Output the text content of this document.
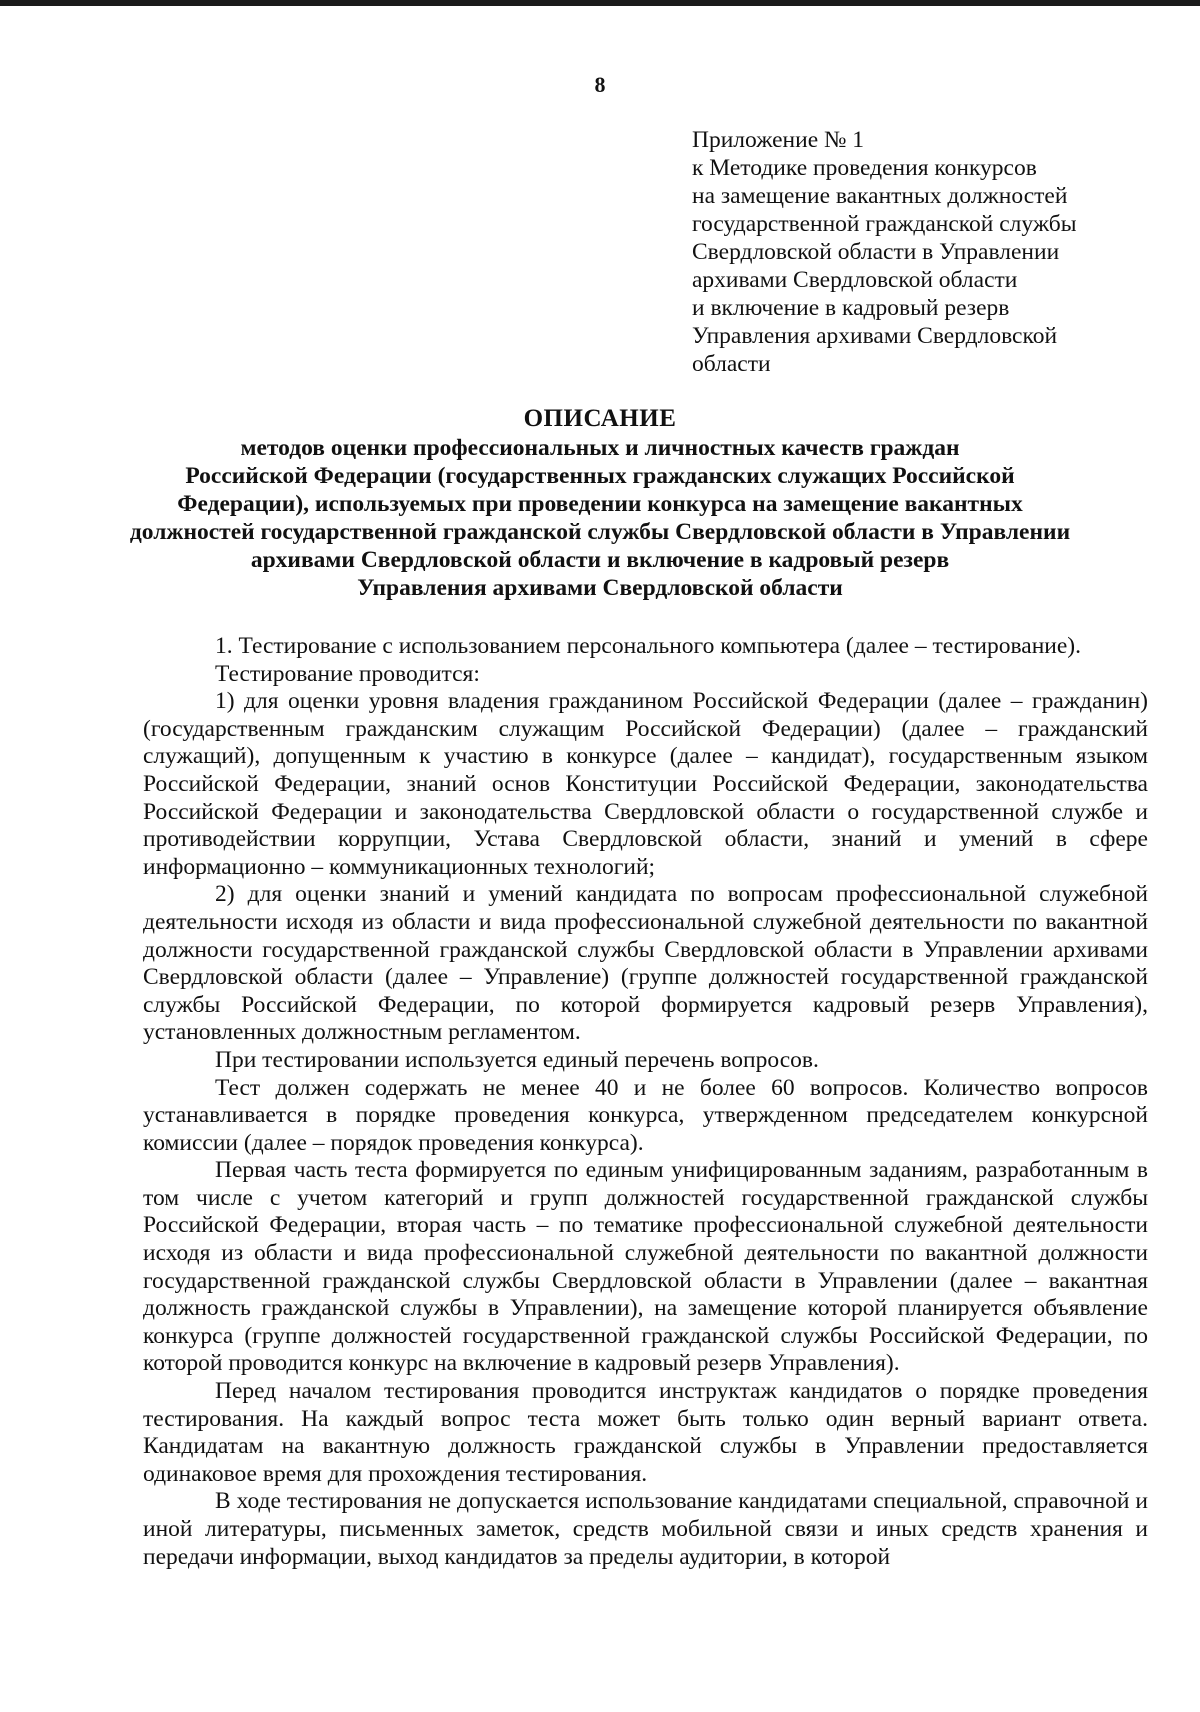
8
Приложение № 1
к Методике проведения конкурсов
на замещение вакантных должностей
государственной гражданской службы
Свердловской области в Управлении
архивами Свердловской области
и включение в кадровый резерв
Управления архивами Свердловской
области
ОПИСАНИЕ
методов оценки профессиональных и личностных качеств граждан
Российской Федерации (государственных гражданских служащих Российской
Федерации), используемых при проведении конкурса на замещение вакантных
должностей государственной гражданской службы Свердловской области в Управлении
архивами Свердловской области и включение в кадровый резерв
Управления архивами Свердловской области

1. Тестирование с использованием персонального компьютера (далее – тестирование).

Тестирование проводится:

1) для оценки уровня владения гражданином Российской Федерации (далее – гражданин) (государственным гражданским служащим Российской Федерации) (далее – гражданский служащий), допущенным к участию в конкурсе (далее – кандидат), государственным языком Российской Федерации, знаний основ Конституции Российской Федерации, законодательства Российской Федерации и законодательства Свердловской области о государственной службе и противодействии коррупции, Устава Свердловской области, знаний и умений в сфере информационно – коммуникационных технологий;

2) для оценки знаний и умений кандидата по вопросам профессиональной служебной деятельности исходя из области и вида профессиональной служебной деятельности по вакантной должности государственной гражданской службы Свердловской области в Управлении архивами Свердловской области (далее – Управление) (группе должностей государственной гражданской службы Российской Федерации, по которой формируется кадровый резерв Управления), установленных должностным регламентом.

При тестировании используется единый перечень вопросов.

Тест должен содержать не менее 40 и не более 60 вопросов. Количество вопросов устанавливается в порядке проведения конкурса, утвержденном председателем конкурсной комиссии (далее – порядок проведения конкурса).

Первая часть теста формируется по единым унифицированным заданиям, разработанным в том числе с учетом категорий и групп должностей государственной гражданской службы Российской Федерации, вторая часть – по тематике профессиональной служебной деятельности исходя из области и вида профессиональной служебной деятельности по вакантной должности государственной гражданской службы Свердловской области в Управлении (далее – вакантная должность гражданской службы в Управлении), на замещение которой планируется объявление конкурса (группе должностей государственной гражданской службы Российской Федерации, по которой проводится конкурс на включение в кадровый резерв Управления).

Перед началом тестирования проводится инструктаж кандидатов о порядке проведения тестирования. На каждый вопрос теста может быть только один верный вариант ответа. Кандидатам на вакантную должность гражданской службы в Управлении предоставляется одинаковое время для прохождения тестирования.

В ходе тестирования не допускается использование кандидатами специальной, справочной и иной литературы, письменных заметок, средств мобильной связи и иных средств хранения и передачи информации, выход кандидатов за пределы аудитории, в которой
